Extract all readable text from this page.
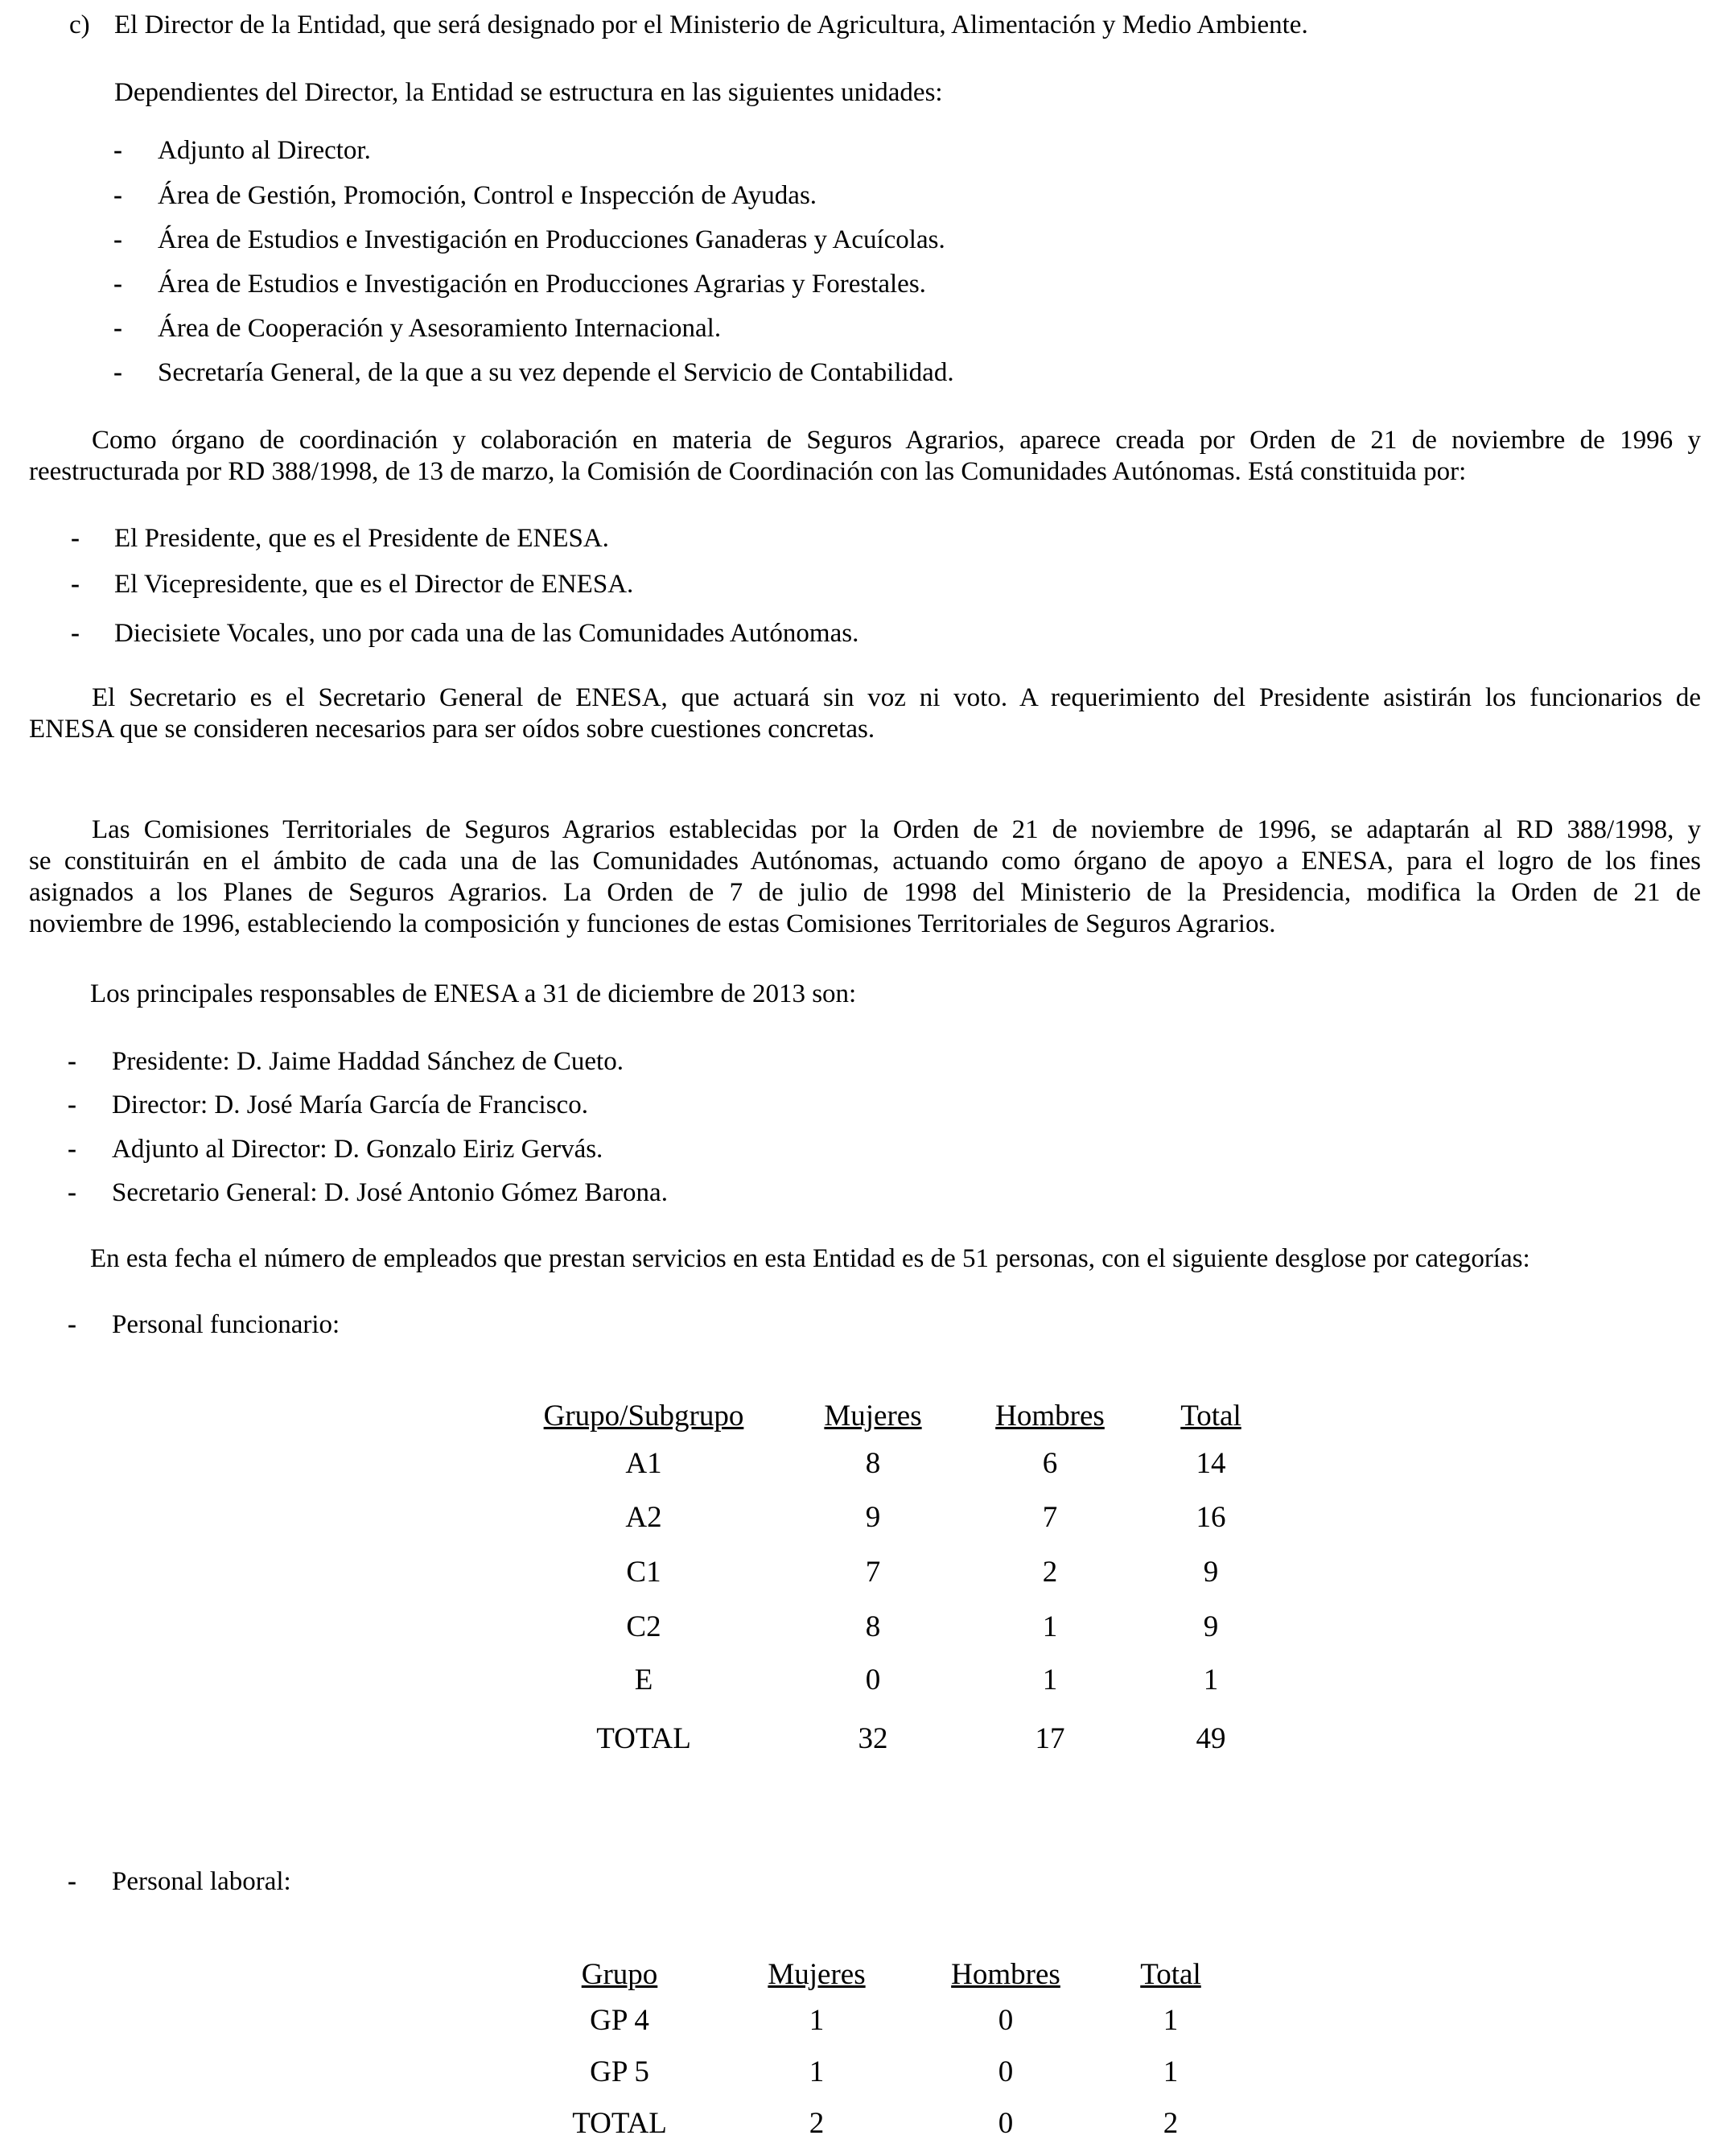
c) El Director de la Entidad, que será designado por el Ministerio de Agricultura, Alimentación y Medio Ambiente.
Dependientes del Director, la Entidad se estructura en las siguientes unidades:
- Adjunto al Director.
- Área de Gestión, Promoción, Control e Inspección de Ayudas.
- Área de Estudios e Investigación en Producciones Ganaderas y Acuícolas.
- Área de Estudios e Investigación en Producciones Agrarias y Forestales.
- Área de Cooperación y Asesoramiento Internacional.
- Secretaría General, de la que a su vez depende el Servicio de Contabilidad.
Como órgano de coordinación y colaboración en materia de Seguros Agrarios, aparece creada por Orden de 21 de noviembre de 1996 y
reestructurada por RD 388/1998, de 13 de marzo, la Comisión de Coordinación con las Comunidades Autónomas. Está constituida por:
- El Presidente, que es el Presidente de ENESA.
- El Vicepresidente, que es el Director de ENESA.
- Diecisiete Vocales, uno por cada una de las Comunidades Autónomas.
El Secretario es el Secretario General de ENESA, que actuará sin voz ni voto. A requerimiento del Presidente asistirán los funcionarios de
ENESA que se consideren necesarios para ser oídos sobre cuestiones concretas.
Las Comisiones Territoriales de Seguros Agrarios establecidas por la Orden de 21 de noviembre de 1996, se adaptarán al RD 388/1998, y
se constituirán en el ámbito de cada una de las Comunidades Autónomas, actuando como órgano de apoyo a ENESA, para el logro de los fines
asignados a los Planes de Seguros Agrarios. La Orden de 7 de julio de 1998 del Ministerio de la Presidencia, modifica la Orden de 21 de
noviembre de 1996, estableciendo la composición y funciones de estas Comisiones Territoriales de Seguros Agrarios.
Los principales responsables de ENESA a 31 de diciembre de 2013 son:
- Presidente: D. Jaime Haddad Sánchez de Cueto.
- Director: D. José María García de Francisco.
- Adjunto al Director: D. Gonzalo Eiriz Gervás.
- Secretario General: D. José Antonio Gómez Barona.
En esta fecha el número de empleados que prestan servicios en esta Entidad es de 51 personas, con el siguiente desglose por categorías:
- Personal funcionario:
Grupo/Subgrupo	Mujeres	Hombres	Total
A1	8	6	14
A2	9	7	16
C1	7	2	9
C2	8	1	9
E	0	1	1
TOTAL	32	17	49
- Personal laboral:
Grupo	Mujeres	Hombres	Total
GP 4	1	0	1
GP 5	1	0	1
TOTAL	2	0	2
